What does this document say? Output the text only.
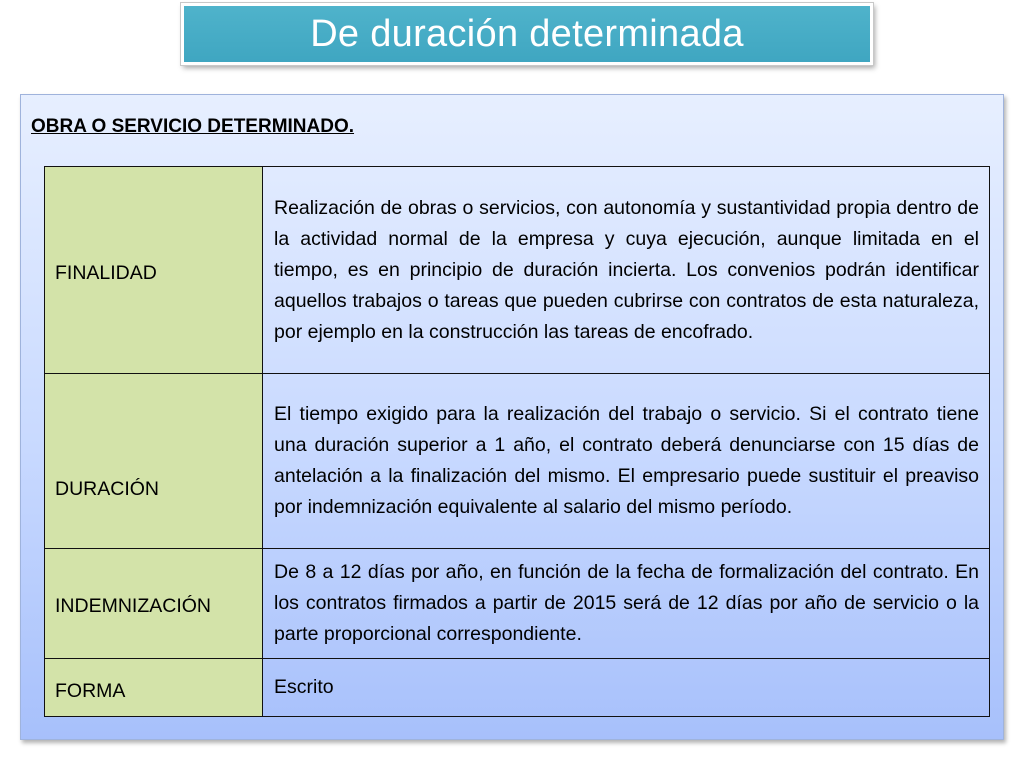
De duración determinada
OBRA O SERVICIO DETERMINADO.
FINALIDAD	Realización de obras o servicios, con autonomía y sustantividad propia dentro de la actividad normal de la empresa y cuya ejecución, aunque limitada en el tiempo, es en principio de duración incierta. Los convenios podrán identificar aquellos trabajos o tareas que pueden cubrirse con contratos de esta naturaleza, por ejemplo en la construcción las tareas de encofrado.
DURACIÓN	El tiempo exigido para la realización del trabajo o servicio. Si el contrato tiene una duración superior a 1 año, el contrato deberá denunciarse con 15 días de antelación a la finalización del mismo. El empresario puede sustituir el preaviso por indemnización equivalente al salario del mismo período.
INDEMNIZACIÓN	De 8 a 12 días por año, en función de la fecha de formalización del contrato. En los contratos firmados a partir de 2015 será de 12 días por año de servicio o la parte proporcional correspondiente.
FORMA	Escrito
